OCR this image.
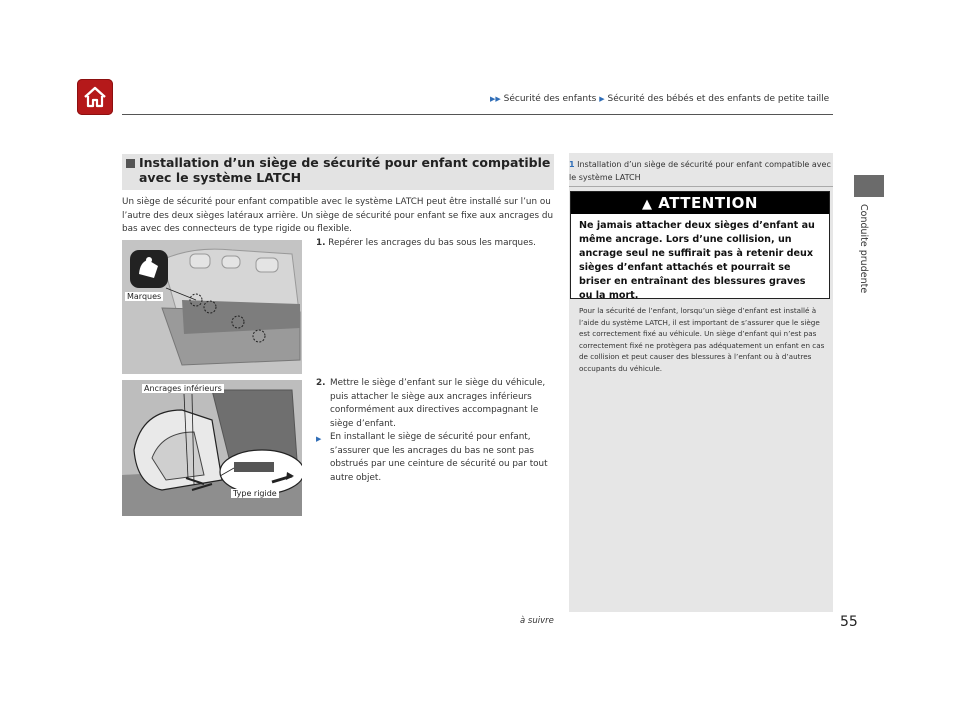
▶▶ Sécurité des enfants ▶ Sécurité des bébés et des enfants de petite taille
Conduite prudente
Installation d’un siège de sécurité pour enfant compatible avec le système LATCH
Un siège de sécurité pour enfant compatible avec le système LATCH peut être installé sur l’un ou l’autre des deux sièges latéraux arrière. Un siège de sécurité pour enfant se fixe aux ancrages du bas avec des connecteurs de type rigide ou flexible.
Marques
1. Repérer les ancrages du bas sous les marques.
Ancrages inférieurs
Type rigide
2. Mettre le siège d’enfant sur le siège du véhicule, puis attacher le siège aux ancrages inférieurs conformément aux directives accompagnant le siège d’enfant.
▶ En installant le siège de sécurité pour enfant, s’assurer que les ancrages du bas ne sont pas obstrués par une ceinture de sécurité ou par tout autre objet.
1 Installation d’un siège de sécurité pour enfant compatible avec le système LATCH
▲ ATTENTION
Ne jamais attacher deux sièges d’enfant au même ancrage. Lors d’une collision, un ancrage seul ne suffirait pas à retenir deux sièges d’enfant attachés et pourrait se briser en entraînant des blessures graves ou la mort.
Pour la sécurité de l’enfant, lorsqu’un siège d’enfant est installé à l’aide du système LATCH, il est important de s’assurer que le siège est correctement fixé au véhicule. Un siège d’enfant qui n’est pas correctement fixé ne protègera pas adéquatement un enfant en cas de collision et peut causer des blessures à l’enfant ou à d’autres occupants du véhicule.
à suivre	55
